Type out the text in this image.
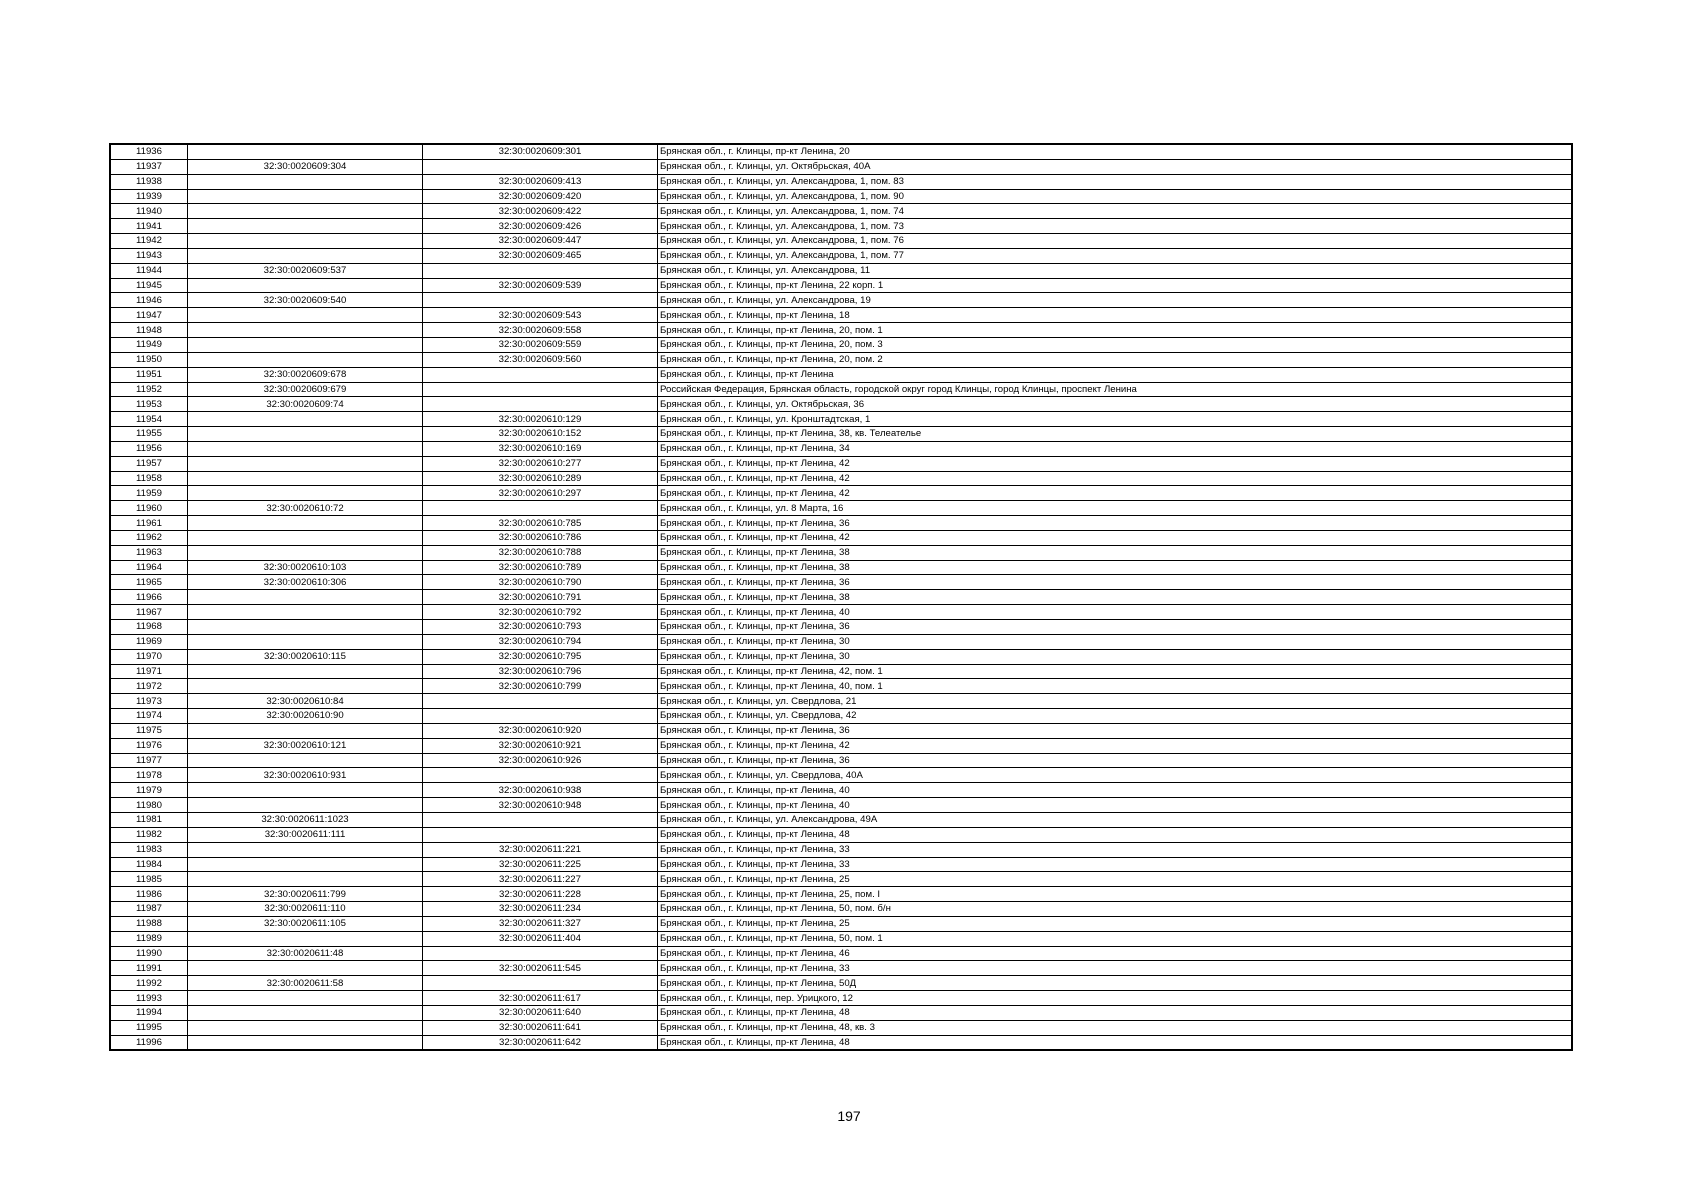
11936		32:30:0020609:301	Брянская обл., г. Клинцы, пр-кт Ленина, 20
11937	32:30:0020609:304		Брянская обл., г. Клинцы, ул. Октябрьская, 40А
11938		32:30:0020609:413	Брянская обл., г. Клинцы, ул. Александрова, 1, пом. 83
11939		32:30:0020609:420	Брянская обл., г. Клинцы, ул. Александрова, 1, пом. 90
11940		32:30:0020609:422	Брянская обл., г. Клинцы, ул. Александрова, 1, пом. 74
11941		32:30:0020609:426	Брянская обл., г. Клинцы, ул. Александрова, 1, пом. 73
11942		32:30:0020609:447	Брянская обл., г. Клинцы, ул. Александрова, 1, пом. 76
11943		32:30:0020609:465	Брянская обл., г. Клинцы, ул. Александрова, 1, пом. 77
11944	32:30:0020609:537		Брянская обл., г. Клинцы, ул. Александрова, 11
11945		32:30:0020609:539	Брянская обл., г. Клинцы, пр-кт Ленина, 22 корп. 1
11946	32:30:0020609:540		Брянская обл., г. Клинцы, ул. Александрова, 19
11947		32:30:0020609:543	Брянская обл., г. Клинцы, пр-кт Ленина, 18
11948		32:30:0020609:558	Брянская обл., г. Клинцы, пр-кт Ленина, 20, пом. 1
11949		32:30:0020609:559	Брянская обл., г. Клинцы, пр-кт Ленина, 20, пом. 3
11950		32:30:0020609:560	Брянская обл., г. Клинцы, пр-кт Ленина, 20, пом. 2
11951	32:30:0020609:678		Брянская обл., г. Клинцы, пр-кт Ленина
11952	32:30:0020609:679		Российская Федерация, Брянская область, городской округ город Клинцы, город Клинцы, проспект Ленина
11953	32:30:0020609:74		Брянская обл., г. Клинцы, ул. Октябрьская, 36
11954		32:30:0020610:129	Брянская обл., г. Клинцы, ул. Кронштадтская, 1
11955		32:30:0020610:152	Брянская обл., г. Клинцы, пр-кт Ленина, 38, кв. Телеателье
11956		32:30:0020610:169	Брянская обл., г. Клинцы, пр-кт Ленина, 34
11957		32:30:0020610:277	Брянская обл., г. Клинцы, пр-кт Ленина, 42
11958		32:30:0020610:289	Брянская обл., г. Клинцы, пр-кт Ленина, 42
11959		32:30:0020610:297	Брянская обл., г. Клинцы, пр-кт Ленина, 42
11960	32:30:0020610:72		Брянская обл., г. Клинцы, ул. 8 Марта, 16
11961		32:30:0020610:785	Брянская обл., г. Клинцы, пр-кт Ленина, 36
11962		32:30:0020610:786	Брянская обл., г. Клинцы, пр-кт Ленина, 42
11963		32:30:0020610:788	Брянская обл., г. Клинцы, пр-кт Ленина, 38
11964	32:30:0020610:103	32:30:0020610:789	Брянская обл., г. Клинцы, пр-кт Ленина, 38
11965	32:30:0020610:306	32:30:0020610:790	Брянская обл., г. Клинцы, пр-кт Ленина, 36
11966		32:30:0020610:791	Брянская обл., г. Клинцы, пр-кт Ленина, 38
11967		32:30:0020610:792	Брянская обл., г. Клинцы, пр-кт Ленина, 40
11968		32:30:0020610:793	Брянская обл., г. Клинцы, пр-кт Ленина, 36
11969		32:30:0020610:794	Брянская обл., г. Клинцы, пр-кт Ленина, 30
11970	32:30:0020610:115	32:30:0020610:795	Брянская обл., г. Клинцы, пр-кт Ленина, 30
11971		32:30:0020610:796	Брянская обл., г. Клинцы, пр-кт Ленина, 42, пом. 1
11972		32:30:0020610:799	Брянская обл., г. Клинцы, пр-кт Ленина, 40, пом. 1
11973	32:30:0020610:84		Брянская обл., г. Клинцы, ул. Свердлова, 21
11974	32:30:0020610:90		Брянская обл., г. Клинцы, ул. Свердлова, 42
11975		32:30:0020610:920	Брянская обл., г. Клинцы, пр-кт Ленина, 36
11976	32:30:0020610:121	32:30:0020610:921	Брянская обл., г. Клинцы, пр-кт Ленина, 42
11977		32:30:0020610:926	Брянская обл., г. Клинцы, пр-кт Ленина, 36
11978	32:30:0020610:931		Брянская обл., г. Клинцы, ул. Свердлова, 40А
11979		32:30:0020610:938	Брянская обл., г. Клинцы, пр-кт Ленина, 40
11980		32:30:0020610:948	Брянская обл., г. Клинцы, пр-кт Ленина, 40
11981	32:30:0020611:1023		Брянская обл., г. Клинцы, ул. Александрова, 49А
11982	32:30:0020611:111		Брянская обл., г. Клинцы, пр-кт Ленина, 48
11983		32:30:0020611:221	Брянская обл., г. Клинцы, пр-кт Ленина, 33
11984		32:30:0020611:225	Брянская обл., г. Клинцы, пр-кт Ленина, 33
11985		32:30:0020611:227	Брянская обл., г. Клинцы, пр-кт Ленина, 25
11986	32:30:0020611:799	32:30:0020611:228	Брянская обл., г. Клинцы, пр-кт Ленина, 25, пом. I
11987	32:30:0020611:110	32:30:0020611:234	Брянская обл., г. Клинцы, пр-кт Ленина, 50, пом. б/н
11988	32:30:0020611:105	32:30:0020611:327	Брянская обл., г. Клинцы, пр-кт Ленина, 25
11989		32:30:0020611:404	Брянская обл., г. Клинцы, пр-кт Ленина, 50, пом. 1
11990	32:30:0020611:48		Брянская обл., г. Клинцы, пр-кт Ленина, 46
11991		32:30:0020611:545	Брянская обл., г. Клинцы, пр-кт Ленина, 33
11992	32:30:0020611:58		Брянская обл., г. Клинцы, пр-кт Ленина, 50Д
11993		32:30:0020611:617	Брянская обл., г. Клинцы, пер. Урицкого, 12
11994		32:30:0020611:640	Брянская обл., г. Клинцы, пр-кт Ленина, 48
11995		32:30:0020611:641	Брянская обл., г. Клинцы, пр-кт Ленина, 48, кв. 3
11996		32:30:0020611:642	Брянская обл., г. Клинцы, пр-кт Ленина, 48
197
